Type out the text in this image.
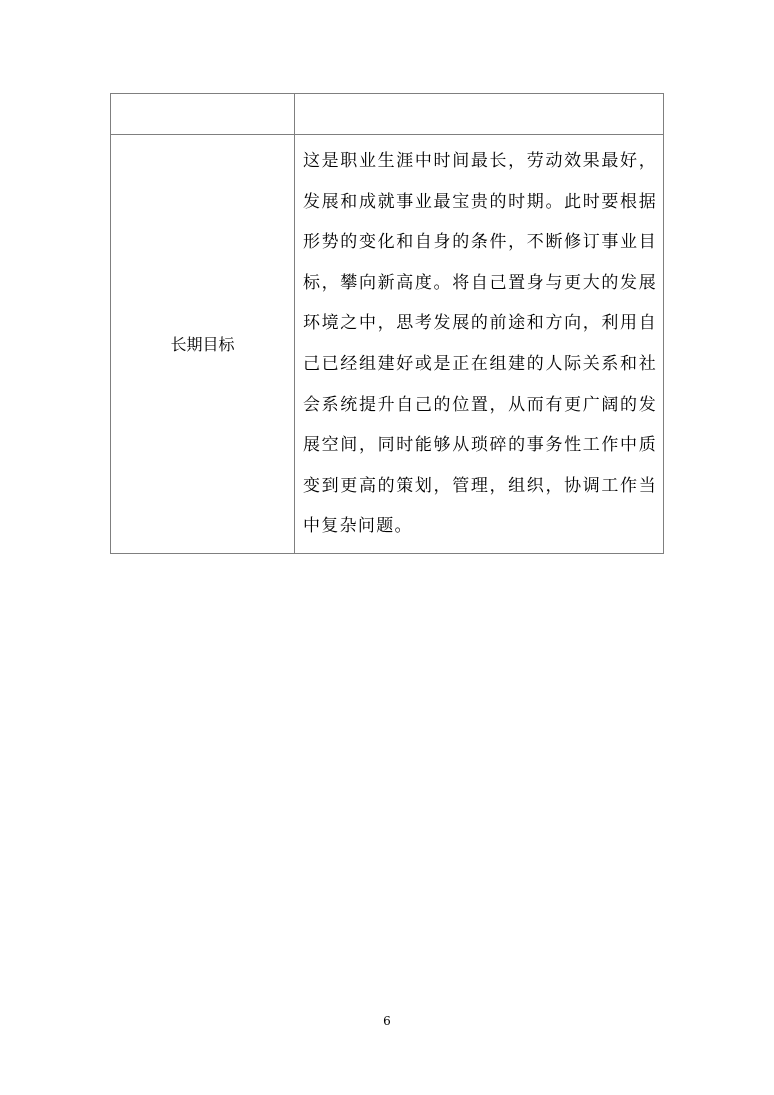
长期目标	这是职业生涯中时间最长，劳动效果最好，发展和成就事业最宝贵的时期。此时要根据形势的变化和自身的条件，不断修订事业目标，攀向新高度。将自己置身与更大的发展环境之中，思考发展的前途和方向，利用自己已经组建好或是正在组建的人际关系和社会系统提升自己的位置，从而有更广阔的发展空间，同时能够从琐碎的事务性工作中质变到更高的策划，管理，组织，协调工作当中复杂问题。

6
